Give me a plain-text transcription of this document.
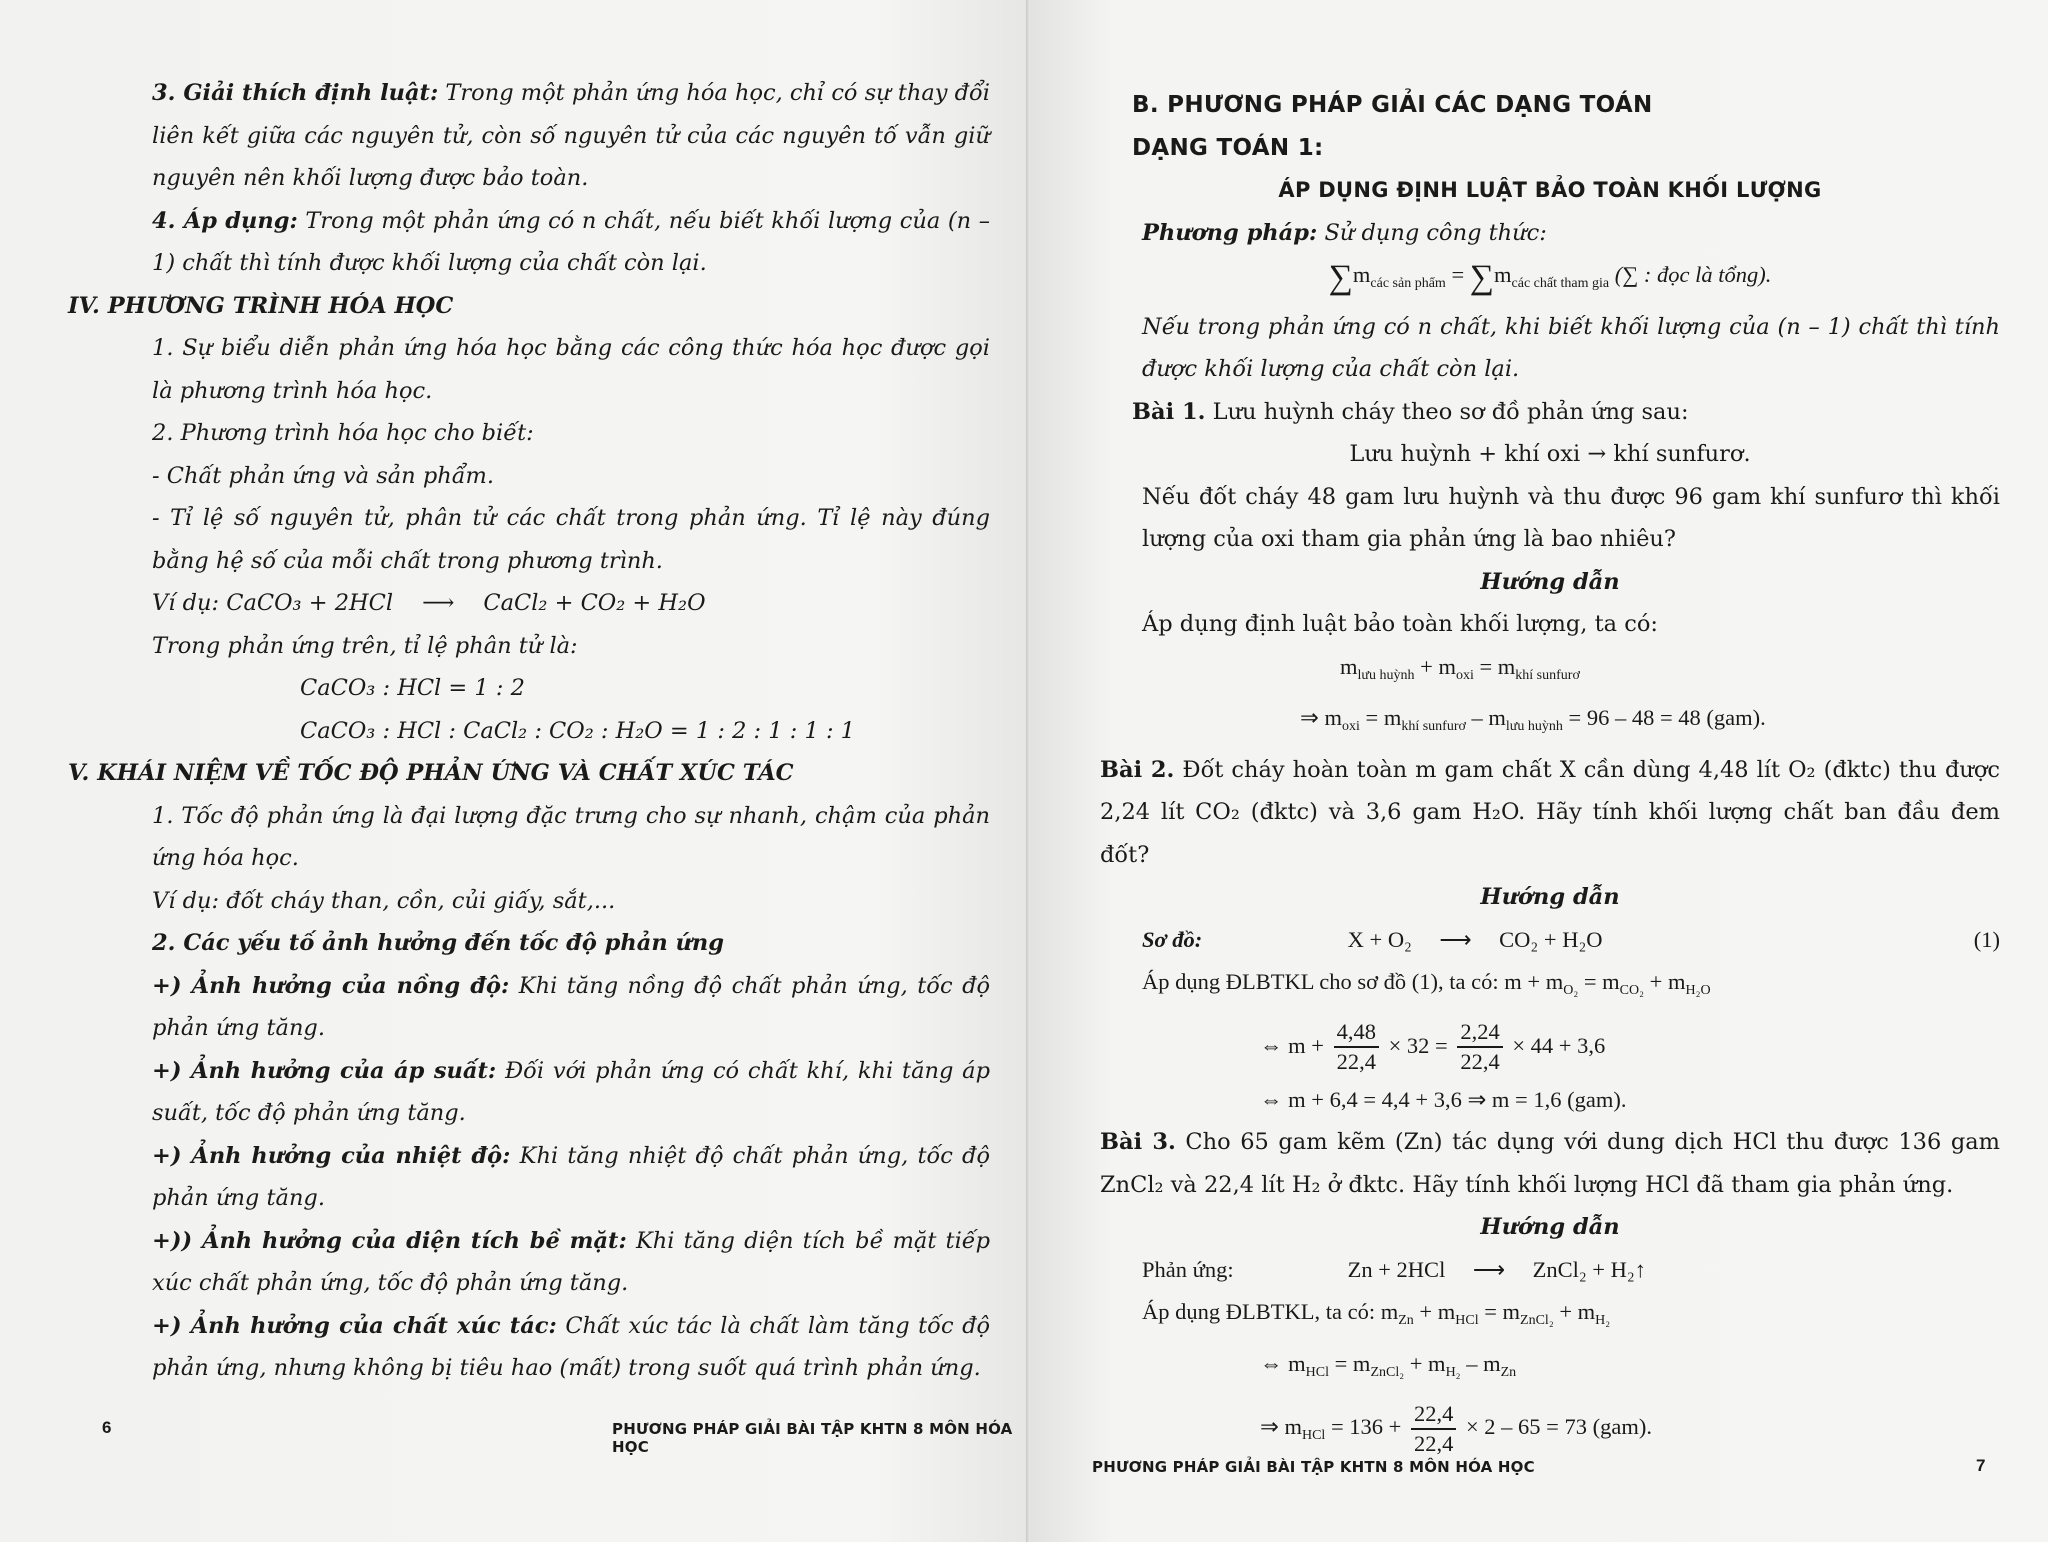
3. Giải thích định luật: Trong một phản ứng hóa học, chỉ có sự thay đổi liên kết giữa các nguyên tử, còn số nguyên tử của các nguyên tố vẫn giữ nguyên nên khối lượng được bảo toàn.
4. Áp dụng: Trong một phản ứng có n chất, nếu biết khối lượng của (n –1) chất thì tính được khối lượng của chất còn lại.
IV. PHƯƠNG TRÌNH HÓA HỌC
1. Sự biểu diễn phản ứng hóa học bằng các công thức hóa học được gọi là phương trình hóa học.
2. Phương trình hóa học cho biết:
- Chất phản ứng và sản phẩm.
- Tỉ lệ số nguyên tử, phân tử các chất trong phản ứng. Tỉ lệ này đúng bằng hệ số của mỗi chất trong phương trình.
Ví dụ: CaCO₃ + 2HCl ⟶ CaCl₂ + CO₂ + H₂O
Trong phản ứng trên, tỉ lệ phân tử là:
CaCO₃ : HCl = 1 : 2
CaCO₃ : HCl : CaCl₂ : CO₂ : H₂O = 1 : 2 : 1 : 1 : 1
V. KHÁI NIỆM VỀ TỐC ĐỘ PHẢN ỨNG VÀ CHẤT XÚC TÁC
1. Tốc độ phản ứng là đại lượng đặc trưng cho sự nhanh, chậm của phản ứng hóa học.
Ví dụ: đốt cháy than, cồn, củi giấy, sắt,...
2. Các yếu tố ảnh hưởng đến tốc độ phản ứng
+) Ảnh hưởng của nồng độ: Khi tăng nồng độ chất phản ứng, tốc độ phản ứng tăng.
+) Ảnh hưởng của áp suất: Đối với phản ứng có chất khí, khi tăng áp suất, tốc độ phản ứng tăng.
+) Ảnh hưởng của nhiệt độ: Khi tăng nhiệt độ chất phản ứng, tốc độ phản ứng tăng.
+)) Ảnh hưởng của diện tích bề mặt: Khi tăng diện tích bề mặt tiếp xúc chất phản ứng, tốc độ phản ứng tăng.
+) Ảnh hưởng của chất xúc tác: Chất xúc tác là chất làm tăng tốc độ phản ứng, nhưng không bị tiêu hao (mất) trong suốt quá trình phản ứng.
6	PHƯƠNG PHÁP GIẢI BÀI TẬP KHTN 8 MÔN HÓA HỌC
B. PHƯƠNG PHÁP GIẢI CÁC DẠNG TOÁN
DẠNG TOÁN 1:
ÁP DỤNG ĐỊNH LUẬT BẢO TOÀN KHỐI LƯỢNG
Phương pháp: Sử dụng công thức:
$\sum m_{các sản phẩm} = \sum m_{các chất tham gia}$ (∑ : đọc là tổng).
Nếu trong phản ứng có n chất, khi biết khối lượng của (n – 1) chất thì tính được khối lượng của chất còn lại.
Bài 1. Lưu huỳnh cháy theo sơ đồ phản ứng sau:
Lưu huỳnh + khí oxi → khí sunfurơ.
Nếu đốt cháy 48 gam lưu huỳnh và thu được 96 gam khí sunfurơ thì khối lượng của oxi tham gia phản ứng là bao nhiêu?
Hướng dẫn
Áp dụng định luật bảo toàn khối lượng, ta có:
$m_{lưu huỳnh} + m_{oxi} = m_{khí sunfurơ}$
⇒ $m_{oxi} = m_{khí sunfurơ} - m_{lưu huỳnh} = 96 - 48 = 48$ (gam).
Bài 2. Đốt cháy hoàn toàn m gam chất X cần dùng 4,48 lít O₂ (đktc) thu được 2,24 lít CO₂ (đktc) và 3,6 gam H₂O. Hãy tính khối lượng chất ban đầu đem đốt?
Hướng dẫn
Sơ đồ:	X + O₂ ⟶ CO₂ + H₂O	(1)
Áp dụng ĐLBTKL cho sơ đồ (1), ta có: $m + m_{O_2} = m_{CO_2} + m_{H_2O}$
⇔ $m + \frac{4,48}{22,4} \times 32 = \frac{2,24}{22,4} \times 44 + 3,6$
⇔ m + 6,4 = 4,4 + 3,6 ⇒ m = 1,6 (gam).
Bài 3. Cho 65 gam kẽm (Zn) tác dụng với dung dịch HCl thu được 136 gam ZnCl₂ và 22,4 lít H₂ ở đktc. Hãy tính khối lượng HCl đã tham gia phản ứng.
Hướng dẫn
Phản ứng:	Zn + 2HCl ⟶ ZnCl₂ + H₂↑
Áp dụng ĐLBTKL, ta có: $m_{Zn} + m_{HCl} = m_{ZnCl_2} + m_{H_2}$
⇔ $m_{HCl} = m_{ZnCl_2} + m_{H_2} - m_{Zn}$
⇒ $m_{HCl} = 136 + \frac{22,4}{22,4} \times 2 - 65 = 73$ (gam).
PHƯƠNG PHÁP GIẢI BÀI TẬP KHTN 8 MÔN HÓA HỌC	7
